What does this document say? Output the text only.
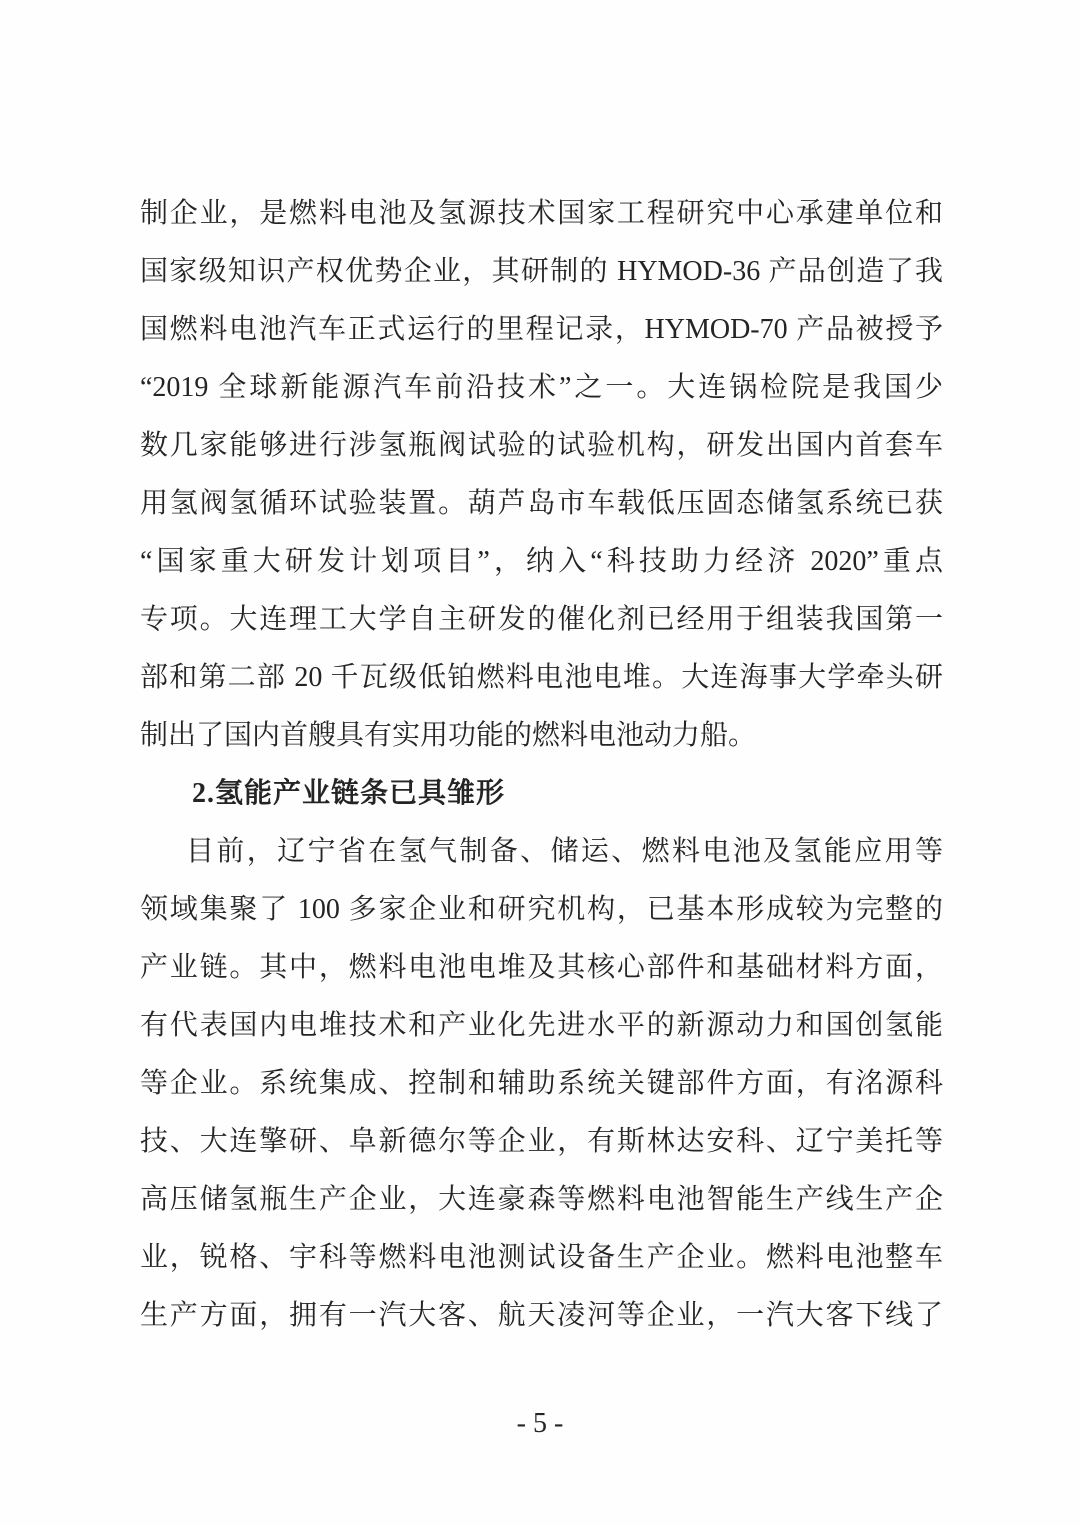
制企业，是燃料电池及氢源技术国家工程研究中心承建单位和
国家级知识产权优势企业，其研制的 HYMOD-36 产品创造了我
国燃料电池汽车正式运行的里程记录，HYMOD-70 产品被授予
“2019 全球新能源汽车前沿技术”之一。大连锅检院是我国少
数几家能够进行涉氢瓶阀试验的试验机构，研发出国内首套车
用氢阀氢循环试验装置。葫芦岛市车载低压固态储氢系统已获
“国家重大研发计划项目”，纳入“科技助力经济 2020”重点
专项。大连理工大学自主研发的催化剂已经用于组装我国第一
部和第二部 20 千瓦级低铂燃料电池电堆。大连海事大学牵头研
制出了国内首艘具有实用功能的燃料电池动力船。
2.氢能产业链条已具雏形
目前，辽宁省在氢气制备、储运、燃料电池及氢能应用等
领域集聚了 100 多家企业和研究机构，已基本形成较为完整的
产业链。其中，燃料电池电堆及其核心部件和基础材料方面，
有代表国内电堆技术和产业化先进水平的新源动力和国创氢能
等企业。系统集成、控制和辅助系统关键部件方面，有洺源科
技、大连擎研、阜新德尔等企业，有斯林达安科、辽宁美托等
高压储氢瓶生产企业，大连豪森等燃料电池智能生产线生产企
业，锐格、宇科等燃料电池测试设备生产企业。燃料电池整车
生产方面，拥有一汽大客、航天凌河等企业，一汽大客下线了
- 5 -
